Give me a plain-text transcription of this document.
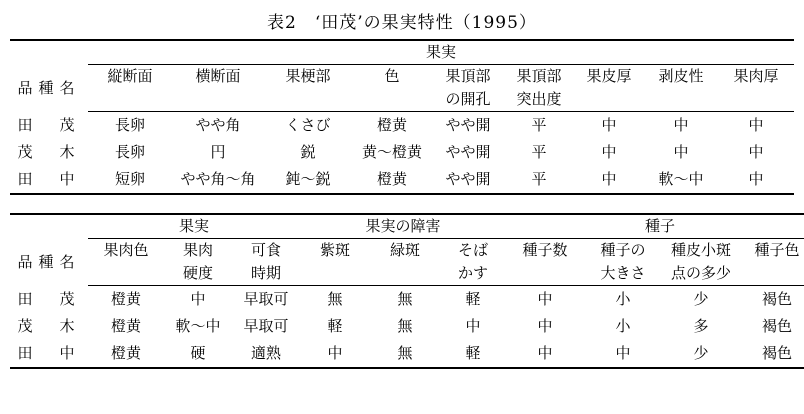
表2　‘田茂’の果実特性（1995）
	果実								
品種名	縦断面	横断面	果梗部	色	果頂部	果頂部	果皮厚	剥皮性	果肉厚
					の開孔	突出度			
田　茂	長卵	やや角	くさび	橙黄	やや開	平	中	中	中
茂　木	長卵	円	鋭	黄～橙黄	やや開	平	中	中	中
田　中	短卵	やや角～角	鈍～鋭	橙黄	やや開	平	中	軟～中	中
	果実			果実の障害			種子			
品種名	果肉色	果肉	可食	紫斑	緑斑	そば	種子数	種子の	種皮小斑	種子色
		硬度	時期			かす		大きさ	点の多少	
田　茂	橙黄	中	早取可	無	無	軽	中	小	少	褐色
茂　木	橙黄	軟～中	早取可	軽	無	中	中	小	多	褐色
田　中	橙黄	硬	適熟	中	無	軽	中	中	少	褐色
